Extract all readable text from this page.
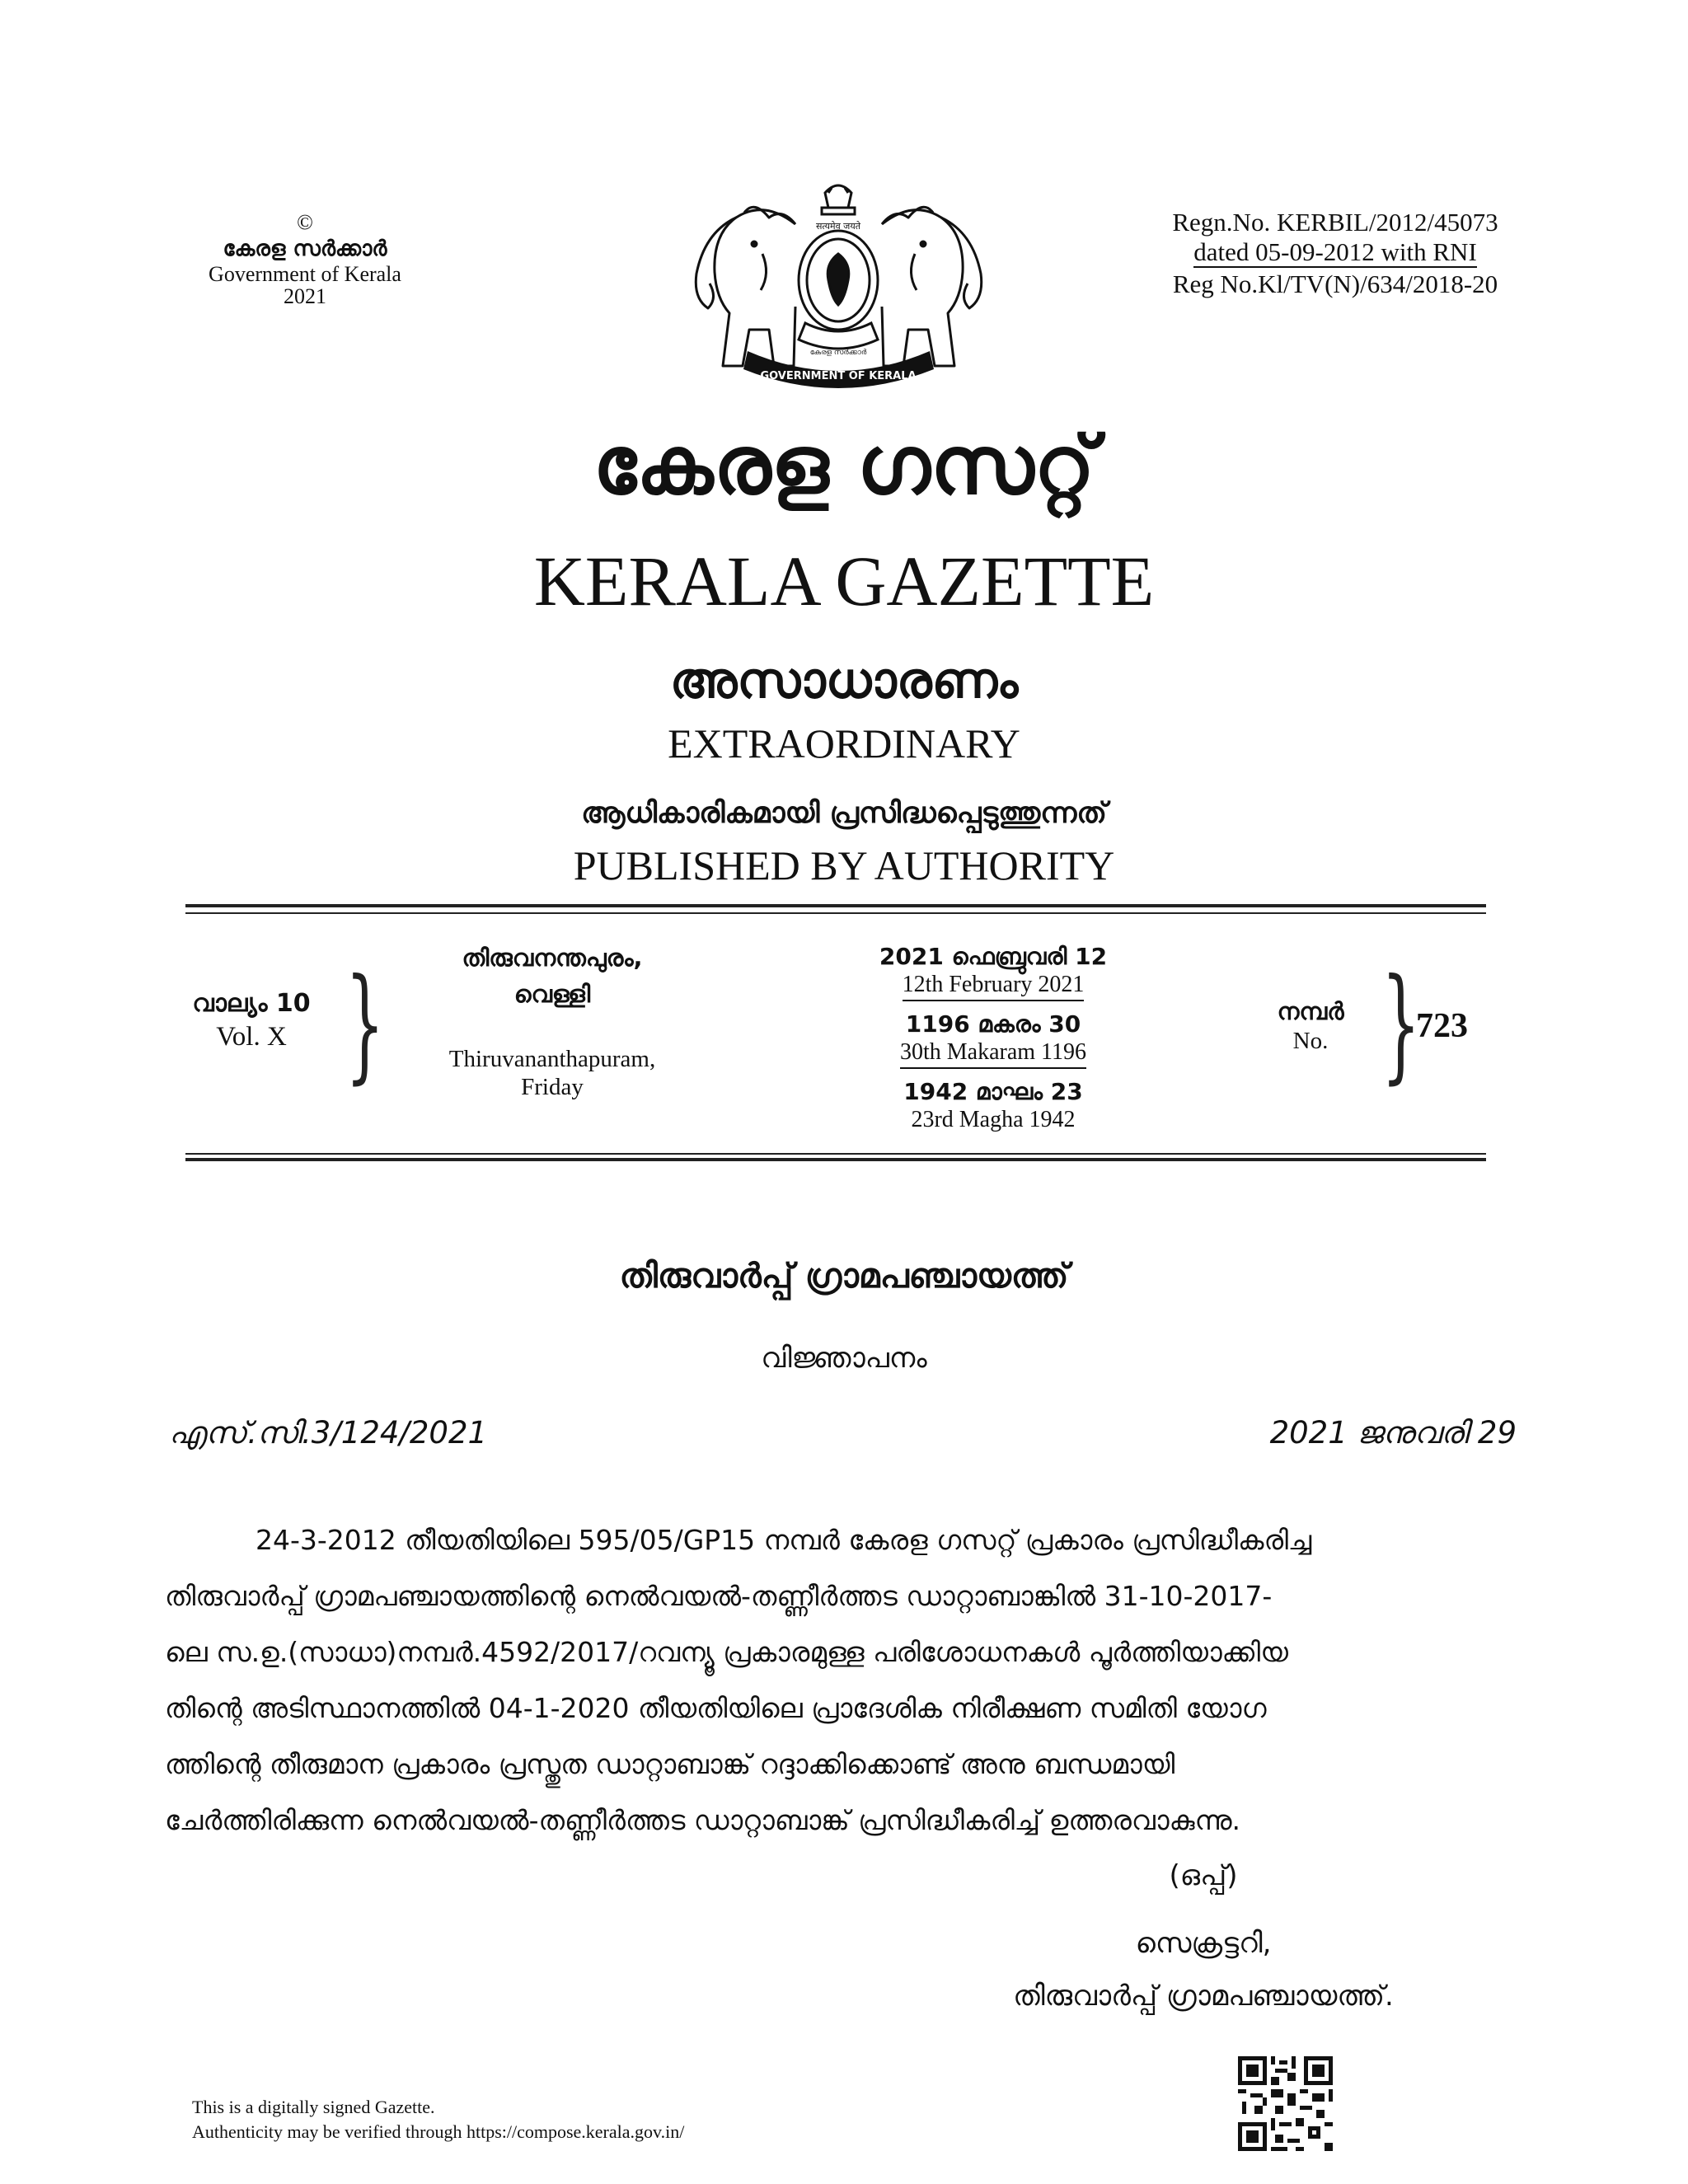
©
കേരള സർക്കാർ
Government of Kerala
2021
Regn.No. KERBIL/2012/45073
dated 05-09-2012 with RNI
Reg No.Kl/TV(N)/634/2018-20
सत्यमेव जयते
കേരള സർക്കാർ
GOVERNMENT OF KERALA
കേരള ഗസറ്റ്
KERALA GAZETTE
അസാധാരണം
EXTRAORDINARY
ആധികാരികമായി പ്രസിദ്ധപ്പെടുത്തുന്നത്
PUBLISHED BY AUTHORITY
വാല്യം 10
Vol. X }	തിരുവനന്തപുരം,
വെള്ളി
Thiruvananthapuram,
Friday
2021 ഫെബ്രുവരി 12
12th February 2021
1196 മകരം 30
30th Makaram 1196
1942 മാഘം 23
23rd Magha 1942
നമ്പർ
No. }
723
തിരുവാർപ്പ് ഗ്രാമപഞ്ചായത്ത്
വിജ്ഞാപനം
എസ്.സി.3/124/2021	2021 ജനുവരി 29
24-3-2012 തീയതിയിലെ 595/05/GP15 നമ്പർ കേരള ഗസറ്റ് പ്രകാരം പ്രസിദ്ധീകരിച്ച
തിരുവാർപ്പ് ഗ്രാമപഞ്ചായത്തിന്റെ നെൽവയൽ-തണ്ണീർത്തട ഡാറ്റാബാങ്കിൽ 31-10-2017-
ലെ സ.ഉ.(സാധാ)നമ്പർ.4592/2017/റവന്യൂ പ്രകാരമുള്ള പരിശോധനകൾ പൂർത്തിയാക്കിയ
തിന്റെ അടിസ്ഥാനത്തിൽ 04-1-2020 തീയതിയിലെ പ്രാദേശിക നിരീക്ഷണ സമിതി യോഗ
ത്തിന്റെ തീരുമാന പ്രകാരം പ്രസ്തുത ഡാറ്റാബാങ്ക് റദ്ദാക്കിക്കൊണ്ട് അനു ബന്ധമായി
ചേർത്തിരിക്കുന്ന നെൽവയൽ-തണ്ണീർത്തട ഡാറ്റാബാങ്ക് പ്രസിദ്ധീകരിച്ച് ഉത്തരവാകുന്നു.
(ഒപ്പ്)
സെക്രട്ടറി,
തിരുവാർപ്പ് ഗ്രാമപഞ്ചായത്ത്.
This is a digitally signed Gazette.
Authenticity may be verified through https://compose.kerala.gov.in/
